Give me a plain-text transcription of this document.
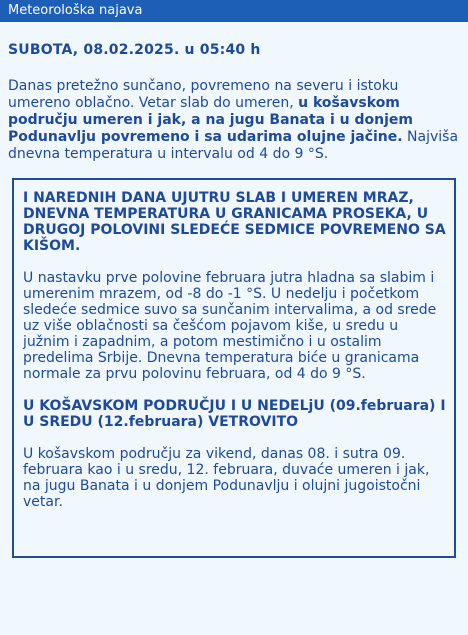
Meteorološka najava
SUBOTA, 08.02.2025. u 05:40 h
Danas pretežno sunčano, povremeno na severu i istoku umereno oblačno. Vetar slab do umeren, u košavskom području umeren i jak, a na jugu Banata i u donjem Podunavlju povremeno i sa udarima olujne jačine. Najviša dnevna temperatura u intervalu od 4 do 9 °S.
I NAREDNIH DANA UJUTRU SLAB I UMEREN MRAZ, DNEVNA TEMPERATURA U GRANICAMA PROSEKA, U DRUGOJ POLOVINI SLEDEĆE SEDMICE POVREMENO SA KIŠOM.

U nastavku prve polovine februara jutra hladna sa slabim i umerenim mrazem, od -8 do -1 °S. U nedelju i početkom sledeće sedmice suvo sa sunčanim intervalima, a od srede uz više oblačnosti sa češćom pojavom kiše, u sredu u južnim i zapadnim, a potom mestimično i u ostalim predelima Srbije. Dnevna temperatura biće u granicama normale za prvu polovinu februara, od 4 do 9 °S.

U KOŠAVSKOM PODRUČJU I U NEDELjU (09.februara) I U SREDU (12.februara) VETROVITO

U košavskom području za vikend, danas 08. i sutra 09. februara kao i u sredu, 12. februara, duvaće umeren i jak, na jugu Banata i u donjem Podunavlju i olujni jugoistočni vetar.
